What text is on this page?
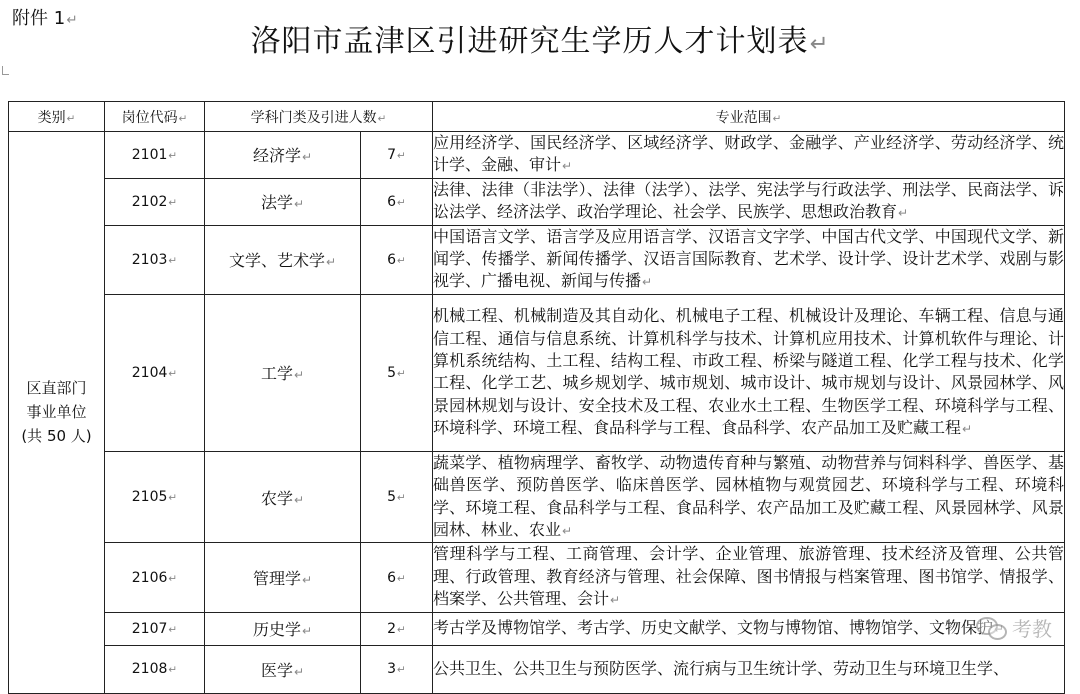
附件 1↵
洛阳市孟津区引进研究生学历人才计划表↵
类别↵	岗位代码↵	学科门类及引进人数↵		专业范围↵

区直部门
事业单位
(共 50 人)	2101↵	经济学↵	7↵	应用经济学、国民经济学、区域经济学、财政学、金融学、产业经济学、劳动经济学、统计学、金融、审计↵
	2102↵	法学↵	6↵	法律、法律（非法学）、法律（法学）、法学、宪法学与行政法学、刑法学、民商法学、诉讼法学、经济法学、政治学理论、社会学、民族学、思想政治教育↵
	2103↵	文学、艺术学↵	6↵	中国语言文学、语言学及应用语言学、汉语言文字学、中国古代文学、中国现代文学、新闻学、传播学、新闻传播学、汉语言国际教育、艺术学、设计学、设计艺术学、戏剧与影视学、广播电视、新闻与传播↵
	2104↵	工学↵	5↵	机械工程、机械制造及其自动化、机械电子工程、机械设计及理论、车辆工程、信息与通信工程、通信与信息系统、计算机科学与技术、计算机应用技术、计算机软件与理论、计算机系统结构、土工程、结构工程、市政工程、桥梁与隧道工程、化学工程与技术、化学工程、化学工艺、城乡规划学、城市规划、城市设计、城市规划与设计、风景园林学、风景园林规划与设计、安全技术及工程、农业水土工程、生物医学工程、环境科学与工程、环境科学、环境工程、食品科学与工程、食品科学、农产品加工及贮藏工程↵
	2105↵	农学↵	5↵	蔬菜学、植物病理学、畜牧学、动物遗传育种与繁殖、动物营养与饲料科学、兽医学、基础兽医学、预防兽医学、临床兽医学、园林植物与观赏园艺、环境科学与工程、环境科学、环境工程、食品科学与工程、食品科学、农产品加工及贮藏工程、风景园林学、风景园林、林业、农业↵
	2106↵	管理学↵	6↵	管理科学与工程、工商管理、会计学、企业管理、旅游管理、技术经济及管理、公共管理、行政管理、教育经济与管理、社会保障、图书情报与档案管理、图书馆学、情报学、档案学、公共管理、会计↵
	2107↵	历史学↵	2↵	考古学及博物馆学、考古学、历史文献学、文物与博物馆、博物馆学、文物保护↵
	2108↵	医学↵	3↵	公共卫生、公共卫生与预防医学、流行病与卫生统计学、劳动卫生与环境卫生学、
考教
